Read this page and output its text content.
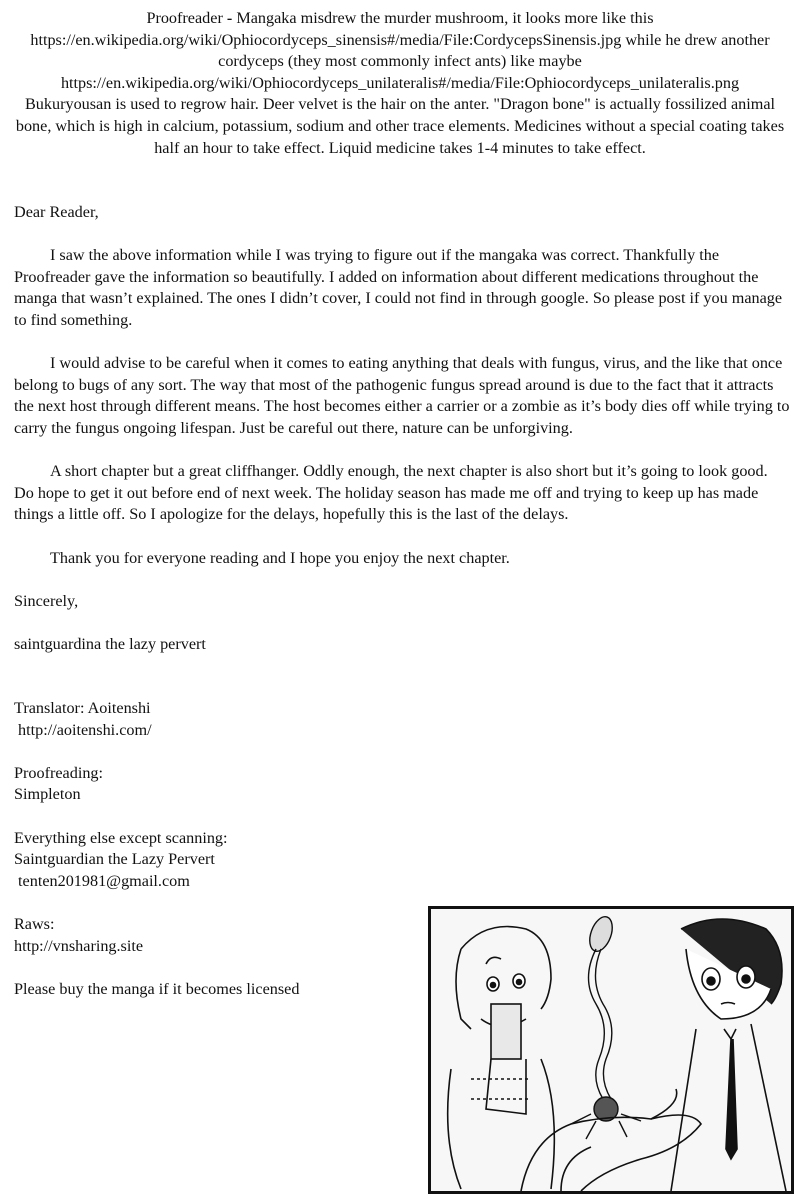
Proofreader - Mangaka misdrew the murder mushroom, it looks more like this https://en.wikipedia.org/wiki/Ophiocordyceps_sinensis#/media/File:CordycepsSinensis.jpg while he drew another cordyceps (they most commonly infect ants) like maybe https://en.wikipedia.org/wiki/Ophiocordyceps_unilateralis#/media/File:Ophiocordyceps_unilateralis.png
Bukuryousan is used to regrow hair. Deer velvet is the hair on the anter. "Dragon bone" is actually fossilized animal bone, which is high in calcium, potassium, sodium and other trace elements. Medicines without a special coating takes half an hour to take effect. Liquid medicine takes 1-4 minutes to take effect.

Dear Reader,

I saw the above information while I was trying to figure out if the mangaka was correct. Thankfully the Proofreader gave the information so beautifully. I added on information about different medications throughout the manga that wasn’t explained. The ones I didn’t cover, I could not find in through google. So please post if you manage to find something.

I would advise to be careful when it comes to eating anything that deals with fungus, virus, and the like that once belong to bugs of any sort. The way that most of the pathogenic fungus spread around is due to the fact that it attracts the next host through different means. The host becomes either a carrier or a zombie as it’s body dies off while trying to carry the fungus ongoing lifespan. Just be careful out there, nature can be unforgiving.

A short chapter but a great cliffhanger. Oddly enough, the next chapter is also short but it’s going to look good. Do hope to get it out before end of next week. The holiday season has made me off and trying to keep up has made things a little off. So I apologize for the delays, hopefully this is the last of the delays.

Thank you for everyone reading and I hope you enjoy the next chapter.

Sincerely,

saintguardina the lazy pervert

Translator: Aoitenshi
http://aoitenshi.com/

Proofreading:
Simpleton

Everything else except scanning:
Saintguardian the Lazy Pervert
tenten201981@gmail.com

Raws:
http://vnsharing.site

Please buy the manga if it becomes licensed
